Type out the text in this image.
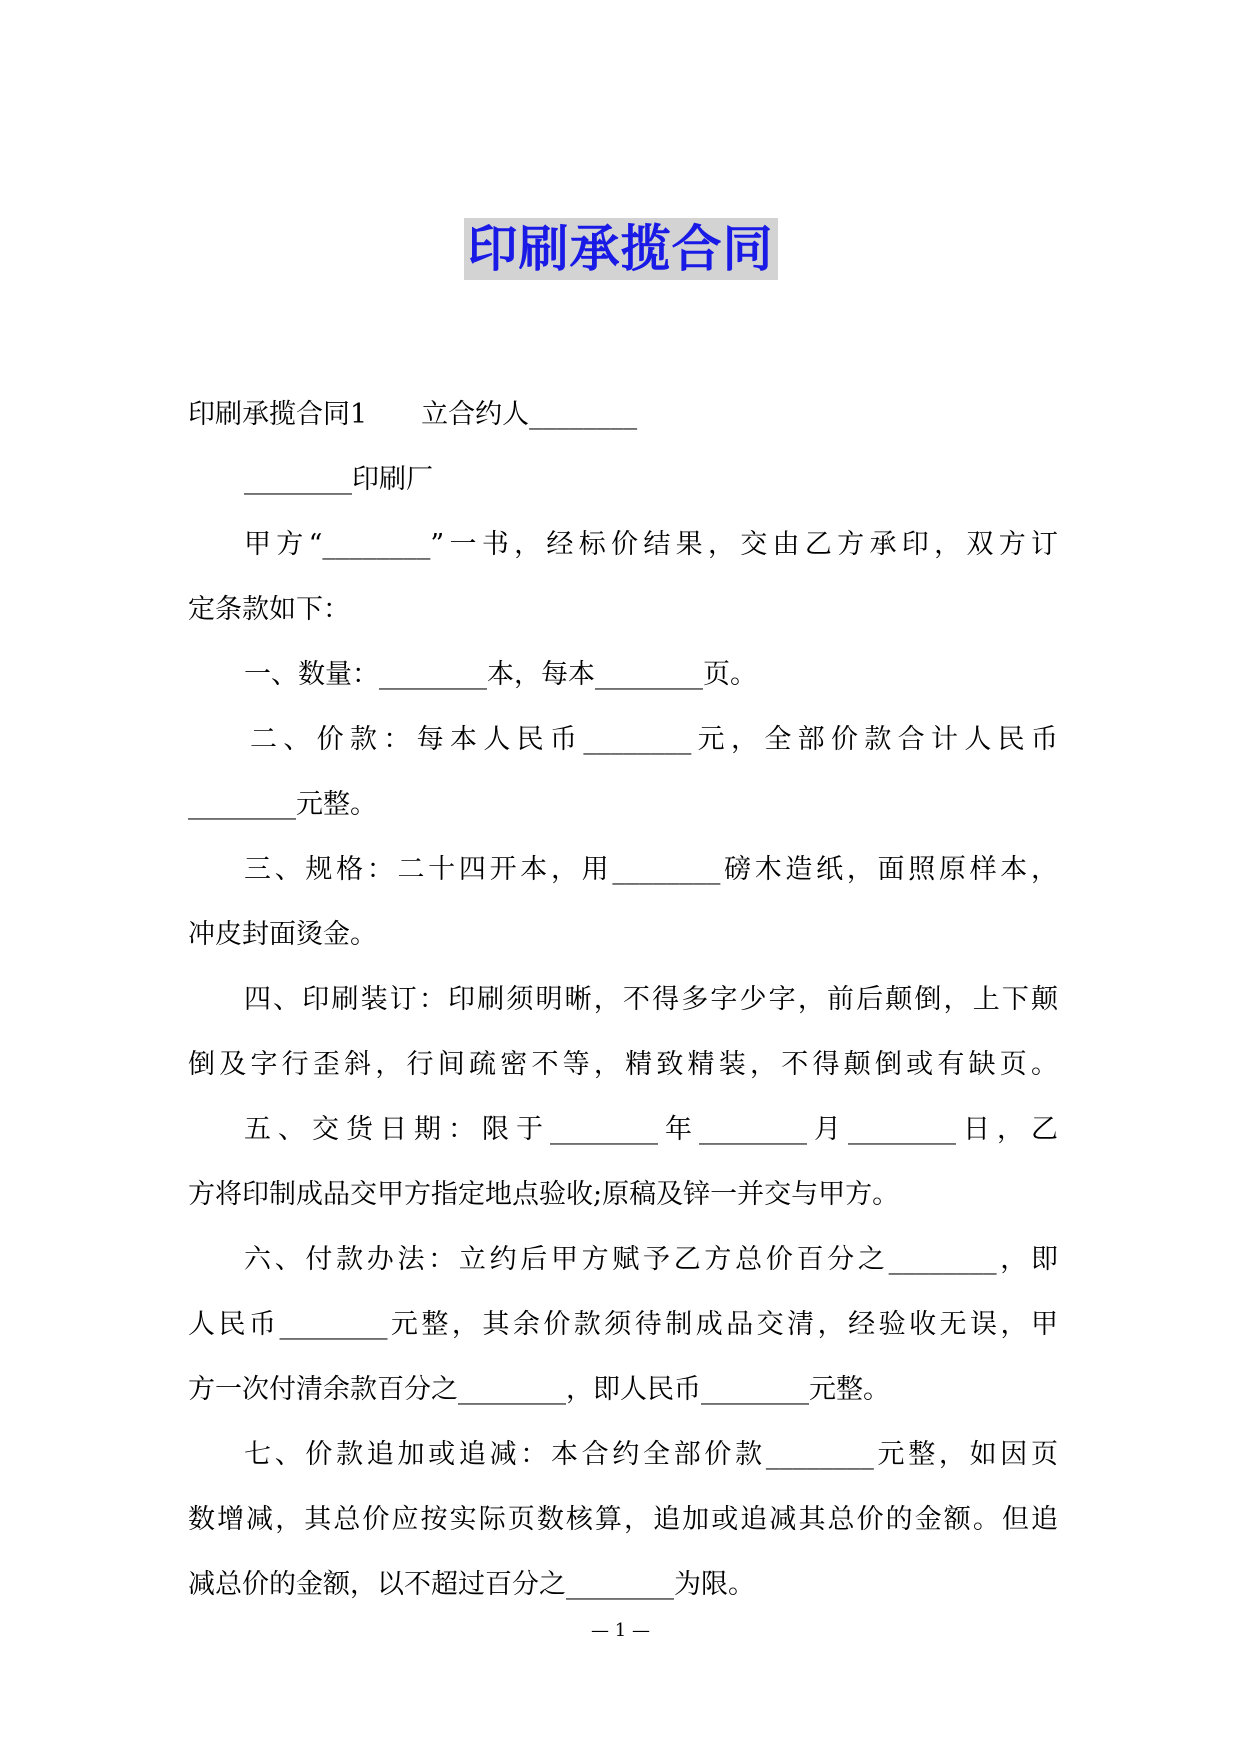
印刷承揽合同
印刷承揽合同1　　立合约人________
________印刷厂
甲方“________”一书，经标价结果，交由乙方承印，双方订
定条款如下：
一、数量：________本，每本________页。
二、价款：每本人民币________元，全部价款合计人民币
________元整。
三、规格：二十四开本，用________磅木造纸，面照原样本，
冲皮封面烫金。
四、印刷装订：印刷须明晰，不得多字少字，前后颠倒，上下颠
倒及字行歪斜，行间疏密不等，精致精装，不得颠倒或有缺页。
五、交货日期：限于________年________月________日，乙
方将印制成品交甲方指定地点验收;原稿及锌一并交与甲方。
六、付款办法：立约后甲方赋予乙方总价百分之________，即
人民币________元整，其余价款须待制成品交清，经验收无误，甲
方一次付清余款百分之________，即人民币________元整。
七、价款追加或追减：本合约全部价款________元整，如因页
数增减，其总价应按实际页数核算，追加或追减其总价的金额。但追
减总价的金额，以不超过百分之________为限。
— 1 —
